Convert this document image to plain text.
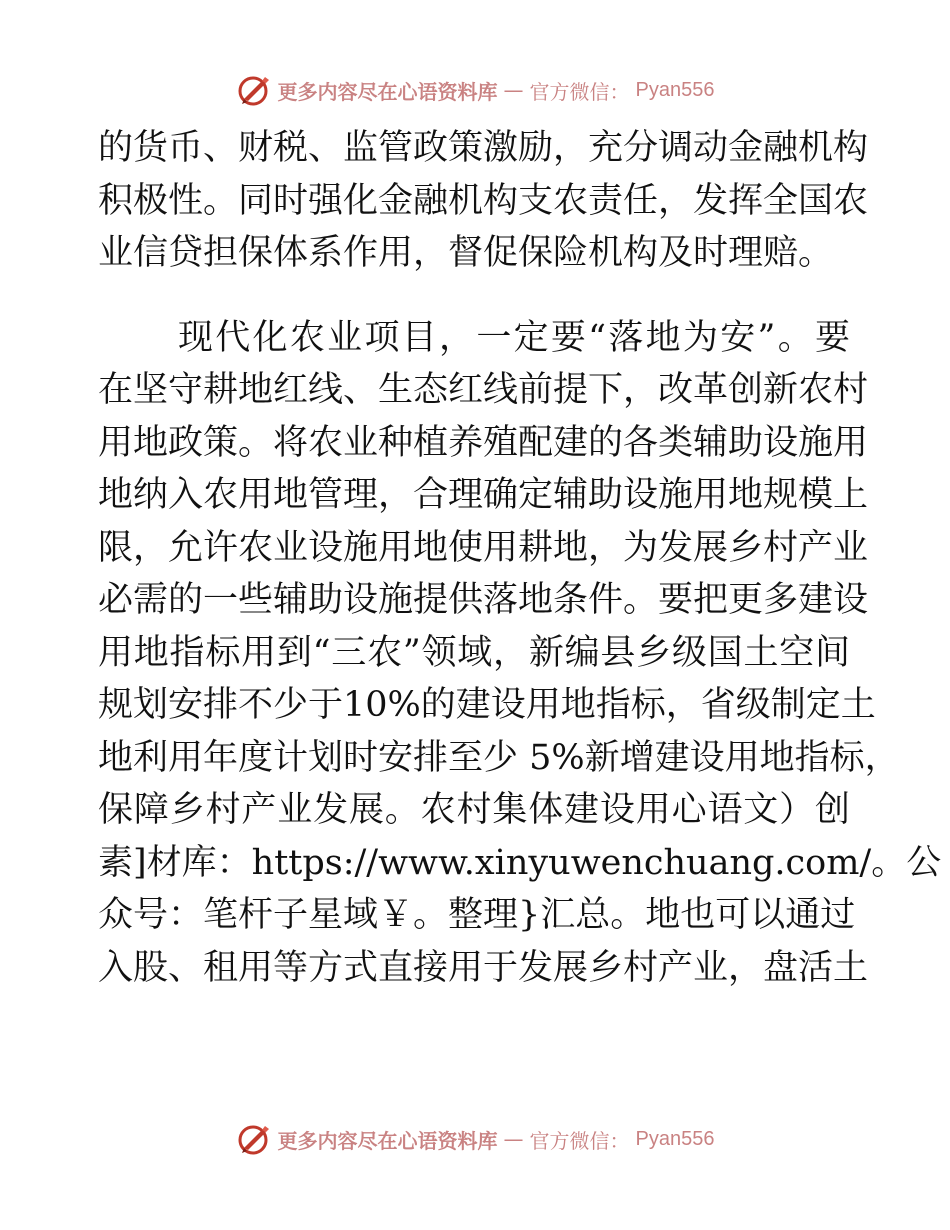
更多内容尽在心语资料库 — 官方微信： Pyan556
的货币、财税、监管政策激励，充分调动金融机构
积极性。同时强化金融机构支农责任，发挥全国农
业信贷担保体系作用，督促保险机构及时理赔。
现代化农业项目，一定要“落地为安”。要
在坚守耕地红线、生态红线前提下，改革创新农村
用地政策。将农业种植养殖配建的各类辅助设施用
地纳入农用地管理，合理确定辅助设施用地规模上
限，允许农业设施用地使用耕地，为发展乡村产业
必需的一些辅助设施提供落地条件。要把更多建设
用地指标用到“三农”领域，新编县乡级国土空间
规划安排不少于10%的建设用地指标，省级制定土
地利用年度计划时安排至少 5%新增建设用地指标，
保障乡村产业发展。农村集体建设用心语文）创
素]材库：https://www.xinyuwenchuang.com/。公
众号：笔杆子星域￥。整理}汇总。地也可以通过
入股、租用等方式直接用于发展乡村产业，盘活土
更多内容尽在心语资料库 — 官方微信： Pyan556
